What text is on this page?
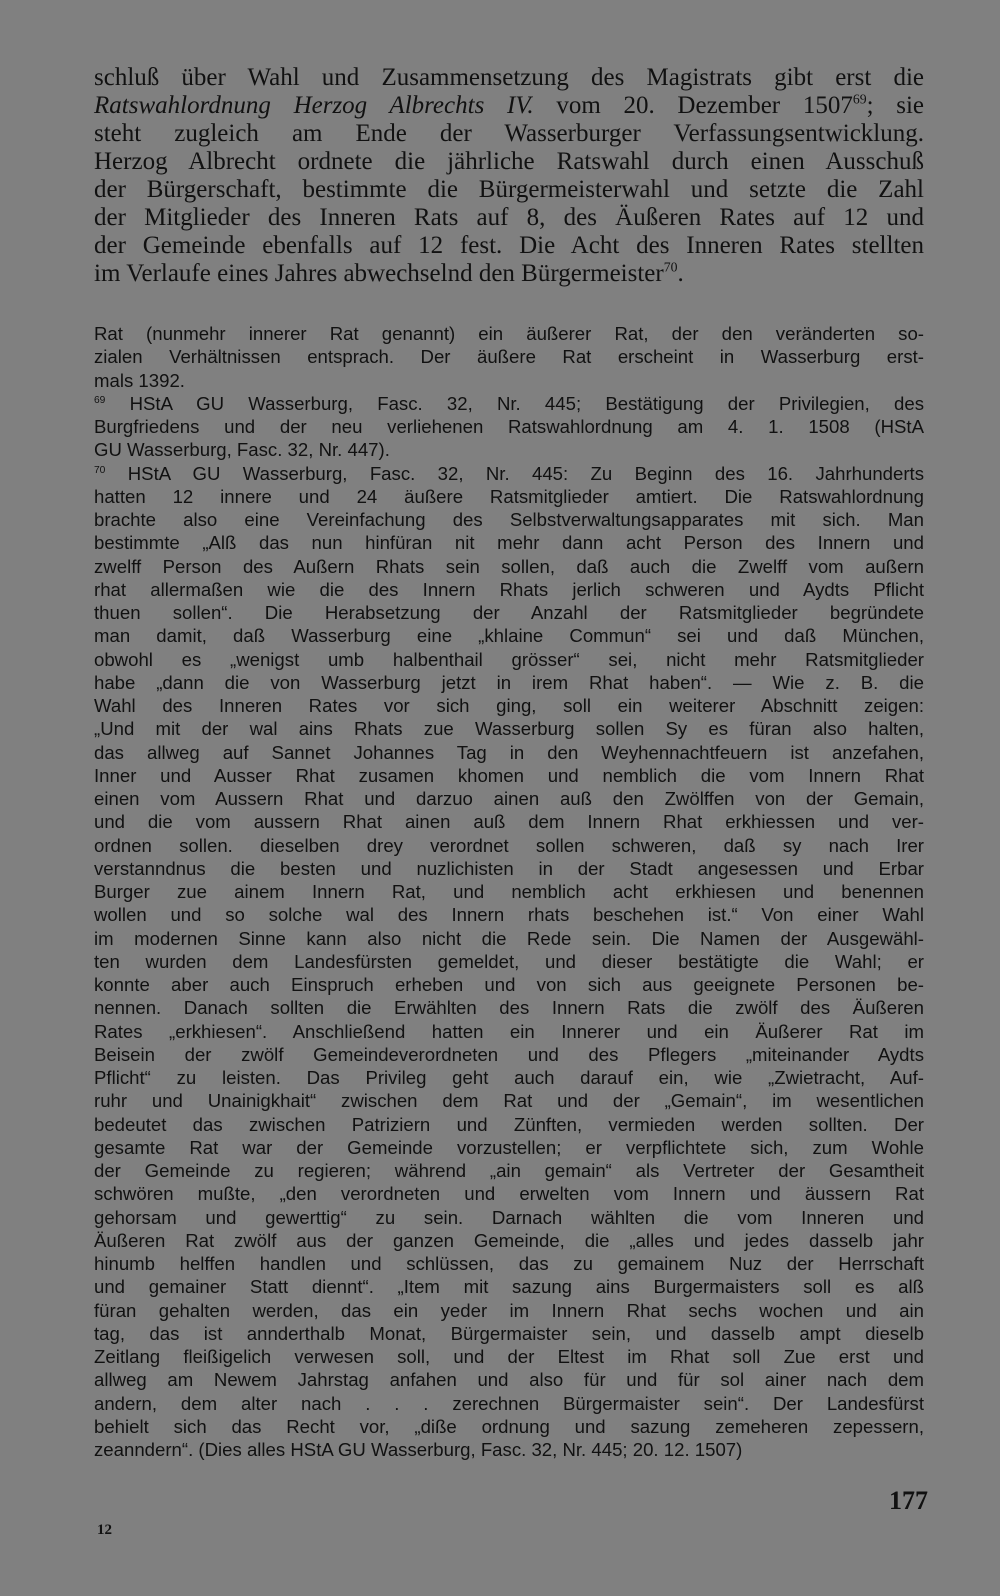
schluß über Wahl und Zusammensetzung des Magistrats gibt erst die
Ratswahlordnung Herzog Albrechts IV. vom 20. Dezember 1507$^{69}$; sie
steht zugleich am Ende der Wasserburger Verfassungsentwicklung.
Herzog Albrecht ordnete die jährliche Ratswahl durch einen Ausschuß
der Bürgerschaft, bestimmte die Bürgermeisterwahl und setzte die Zahl
der Mitglieder des Inneren Rats auf 8, des Äußeren Rates auf 12 und
der Gemeinde ebenfalls auf 12 fest. Die Acht des Inneren Rates stellten
im Verlaufe eines Jahres abwechselnd den Bürgermeister$^{70}$.
Rat (nunmehr innerer Rat genannt) ein äußerer Rat, der den veränderten so-
zialen Verhältnissen entsprach. Der äußere Rat erscheint in Wasserburg erst-
mals 1392.
$^{69}$ HStA GU Wasserburg, Fasc. 32, Nr. 445; Bestätigung der Privilegien, des
Burgfriedens und der neu verliehenen Ratswahlordnung am 4. 1. 1508 (HStA
GU Wasserburg, Fasc. 32, Nr. 447).
$^{70}$ HStA GU Wasserburg, Fasc. 32, Nr. 445: Zu Beginn des 16. Jahrhunderts
hatten 12 innere und 24 äußere Ratsmitglieder amtiert. Die Ratswahlordnung
brachte also eine Vereinfachung des Selbstverwaltungsapparates mit sich. Man
bestimmte „Alß das nun hinfüran nit mehr dann acht Person des Innern und
zwelff Person des Außern Rhats sein sollen, daß auch die Zwelff vom außern
rhat allermaßen wie die des Innern Rhats jerlich schweren und Aydts Pflicht
thuen sollen“. Die Herabsetzung der Anzahl der Ratsmitglieder begründete
man damit, daß Wasserburg eine „khlaine Commun“ sei und daß München,
obwohl es „wenigst umb halbenthail grösser“ sei, nicht mehr Ratsmitglieder
habe „dann die von Wasserburg jetzt in irem Rhat haben“. — Wie z. B. die
Wahl des Inneren Rates vor sich ging, soll ein weiterer Abschnitt zeigen:
„Und mit der wal ains Rhats zue Wasserburg sollen Sy es füran also halten,
das allweg auf Sannet Johannes Tag in den Weyhennachtfeuern ist anzefahen,
Inner und Ausser Rhat zusamen khomen und nemblich die vom Innern Rhat
einen vom Aussern Rhat und darzuo ainen auß den Zwölffen von der Gemain,
und die vom aussern Rhat ainen auß dem Innern Rhat erkhiessen und ver-
ordnen sollen. dieselben drey verordnet sollen schweren, daß sy nach Irer
verstanndnus die besten und nuzlichisten in der Stadt angesessen und Erbar
Burger zue ainem Innern Rat, und nemblich acht erkhiesen und benennen
wollen und so solche wal des Innern rhats beschehen ist.“ Von einer Wahl
im modernen Sinne kann also nicht die Rede sein. Die Namen der Ausgewähl-
ten wurden dem Landesfürsten gemeldet, und dieser bestätigte die Wahl; er
konnte aber auch Einspruch erheben und von sich aus geeignete Personen be-
nennen. Danach sollten die Erwählten des Innern Rats die zwölf des Äußeren
Rates „erkhiesen“. Anschließend hatten ein Innerer und ein Äußerer Rat im
Beisein der zwölf Gemeindeverordneten und des Pflegers „miteinander Aydts
Pflicht“ zu leisten. Das Privileg geht auch darauf ein, wie „Zwietracht, Auf-
ruhr und Unainigkhait“ zwischen dem Rat und der „Gemain“, im wesentlichen
bedeutet das zwischen Patriziern und Zünften, vermieden werden sollten. Der
gesamte Rat war der Gemeinde vorzustellen; er verpflichtete sich, zum Wohle
der Gemeinde zu regieren; während „ain gemain“ als Vertreter der Gesamtheit
schwören mußte, „den verordneten und erwelten vom Innern und äussern Rat
gehorsam und gewerttig“ zu sein. Darnach wählten die vom Inneren und
Äußeren Rat zwölf aus der ganzen Gemeinde, die „alles und jedes dasselb jahr
hinumb helffen handlen und schlüssen, das zu gemainem Nuz der Herrschaft
und gemainer Statt diennt“. „Item mit sazung ains Burgermaisters soll es alß
füran gehalten werden, das ein yeder im Innern Rhat sechs wochen und ain
tag, das ist annderthalb Monat, Bürgermaister sein, und dasselb ampt dieselb
Zeitlang fleißigelich verwesen soll, und der Eltest im Rhat soll Zue erst und
allweg am Newem Jahrstag anfahen und also für und für sol ainer nach dem
andern, dem alter nach . . . zerechnen Bürgermaister sein“. Der Landesfürst
behielt sich das Recht vor, „diße ordnung und sazung zemeheren zepessern,
zeanndern“. (Dies alles HStA GU Wasserburg, Fasc. 32, Nr. 445; 20. 12. 1507)
177
12
